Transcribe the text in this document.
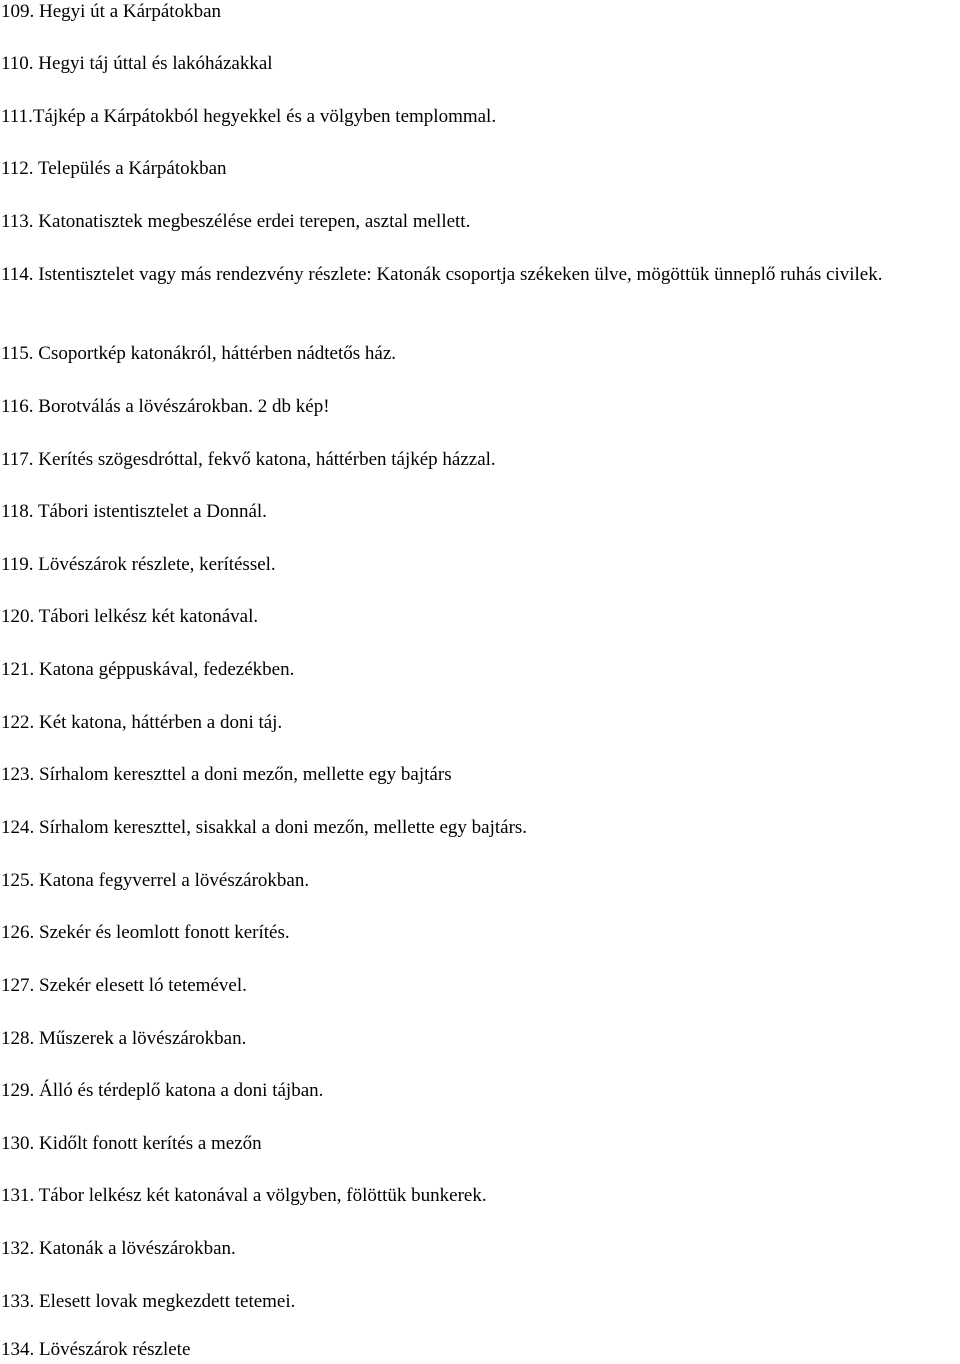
109. Hegyi út a Kárpátokban

110. Hegyi táj úttal és lakóházakkal

111.Tájkép a Kárpátokból hegyekkel és a völgyben templommal.

112. Település a Kárpátokban

113. Katonatisztek megbeszélése erdei terepen, asztal mellett.

114. Istentisztelet vagy más rendezvény részlete: Katonák csoportja székeken ülve, mögöttük ünneplő ruhás civilek.

115. Csoportkép katonákról, háttérben nádtetős ház.

116. Borotválás a lövészárokban. 2 db kép!

117. Kerítés szögesdróttal, fekvő katona, háttérben tájkép házzal.

118. Tábori istentisztelet a Donnál.

119. Lövészárok részlete, kerítéssel.

120. Tábori lelkész két katonával.

121. Katona géppuskával, fedezékben.

122. Két katona, háttérben a doni táj.

123. Sírhalom kereszttel a doni mezőn, mellette egy bajtárs

124. Sírhalom kereszttel, sisakkal a doni mezőn, mellette egy bajtárs.

125. Katona fegyverrel a lövészárokban.

126. Szekér és leomlott fonott kerítés.

127. Szekér elesett ló tetemével.

128. Műszerek a lövészárokban.

129. Álló és térdeplő katona a doni tájban.

130. Kidőlt fonott kerítés a mezőn

131. Tábor lelkész két katonával a völgyben, fölöttük bunkerek.

132. Katonák a lövészárokban.

133. Elesett lovak megkezdett tetemei.

134. Lövészárok részlete
